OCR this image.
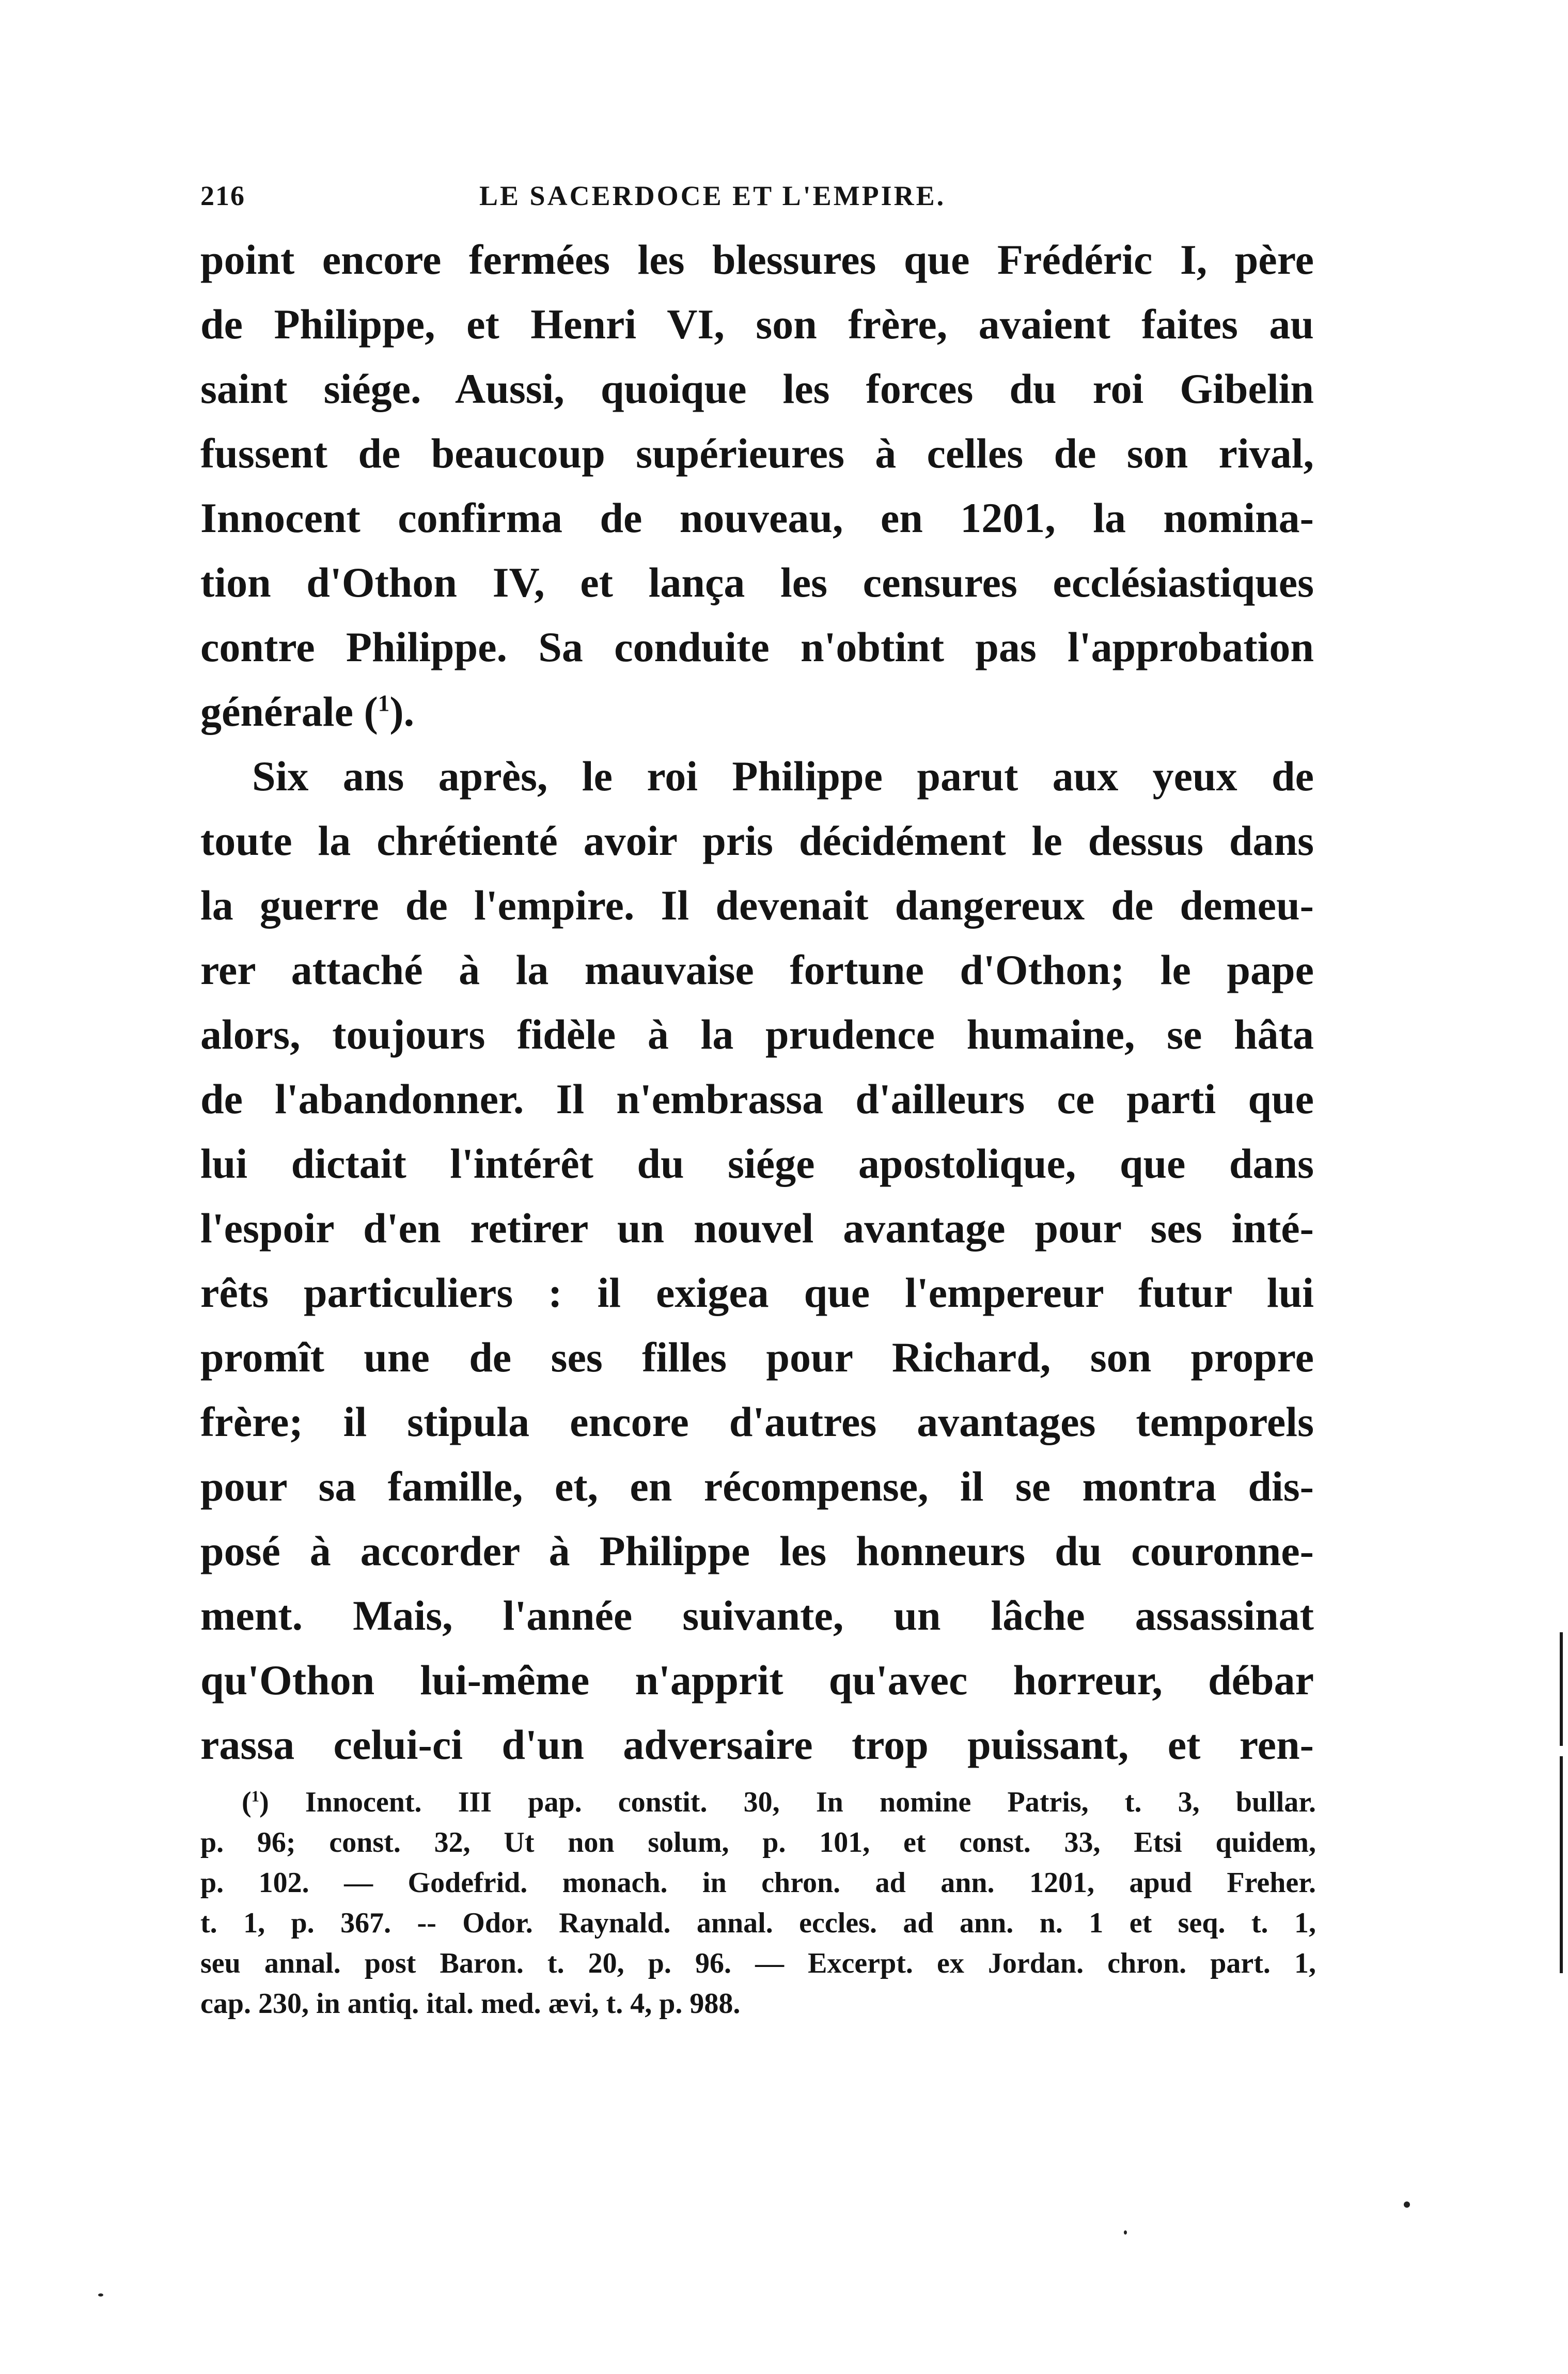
216	LE SACERDOCE ET L'EMPIRE.
point encore fermées les blessures que Frédéric I, père
de Philippe, et Henri VI, son frère, avaient faites au
saint siége. Aussi, quoique les forces du roi Gibelin
fussent de beaucoup supérieures à celles de son rival,
Innocent confirma de nouveau, en 1201, la nomina-
tion d'Othon IV, et lança les censures ecclésiastiques
contre Philippe. Sa conduite n'obtint pas l'approbation
générale ($^1$).
Six ans après, le roi Philippe parut aux yeux de
toute la chrétienté avoir pris décidément le dessus dans
la guerre de l'empire. Il devenait dangereux de demeu-
rer attaché à la mauvaise fortune d'Othon; le pape
alors, toujours fidèle à la prudence humaine, se hâta
de l'abandonner. Il n'embrassa d'ailleurs ce parti que
lui dictait l'intérêt du siége apostolique, que dans
l'espoir d'en retirer un nouvel avantage pour ses inté-
rêts particuliers : il exigea que l'empereur futur lui
promît une de ses filles pour Richard, son propre
frère; il stipula encore d'autres avantages temporels
pour sa famille, et, en récompense, il se montra dis-
posé à accorder à Philippe les honneurs du couronne-
ment. Mais, l'année suivante, un lâche assassinat
qu'Othon lui-même n'apprit qu'avec horreur, débar
rassa celui-ci d'un adversaire trop puissant, et ren-
($^1$) Innocent. III pap. constit. 30, In nomine Patris, t. 3, bullar.
p. 96; const. 32, Ut non solum, p. 101, et const. 33, Etsi quidem,
p. 102. — Godefrid. monach. in chron. ad ann. 1201, apud Freher.
t. 1, p. 367. -- Odor. Raynald. annal. eccles. ad ann. n. 1 et seq. t. 1,
seu annal. post Baron. t. 20, p. 96. — Excerpt. ex Jordan. chron. part. 1,
cap. 230, in antiq. ital. med. ævi, t. 4, p. 988.
